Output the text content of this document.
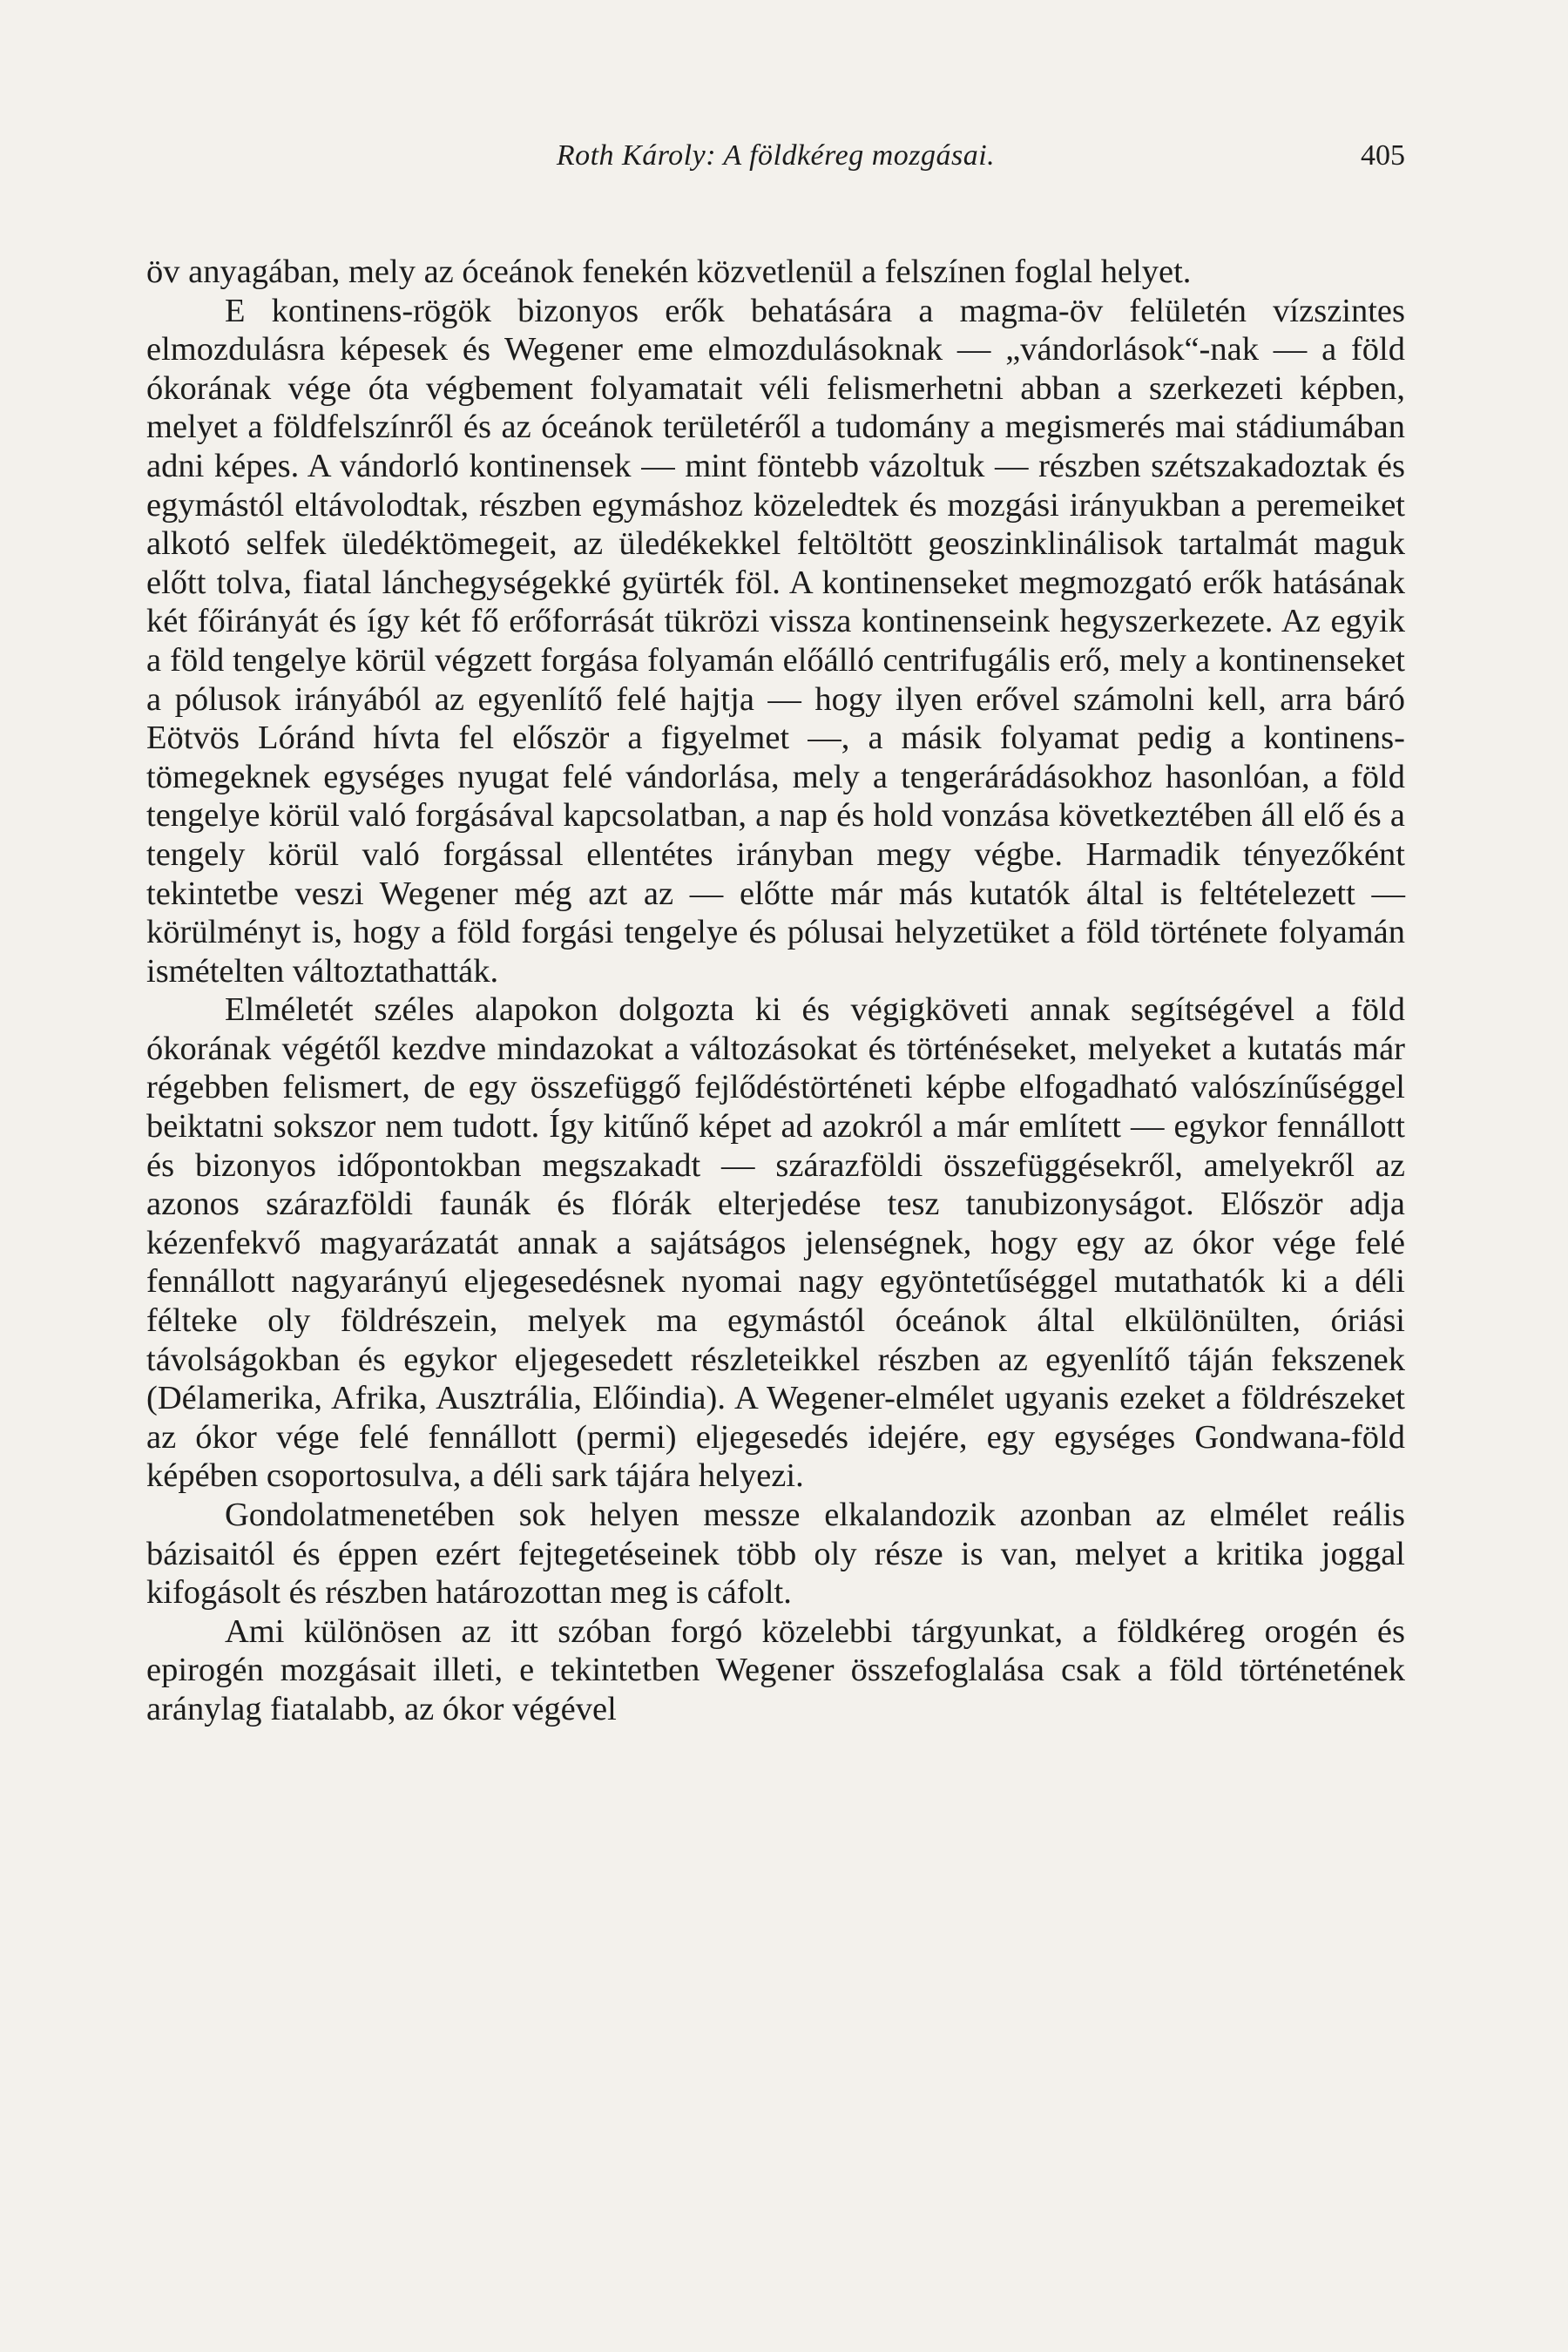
Roth Károly: A földkéreg mozgásai.	405

öv anyagában, mely az óceánok fenekén közvetlenül a felszínen foglal helyet.

E kontinens-rögök bizonyos erők behatására a magma-öv felületén vízszintes elmozdulásra képesek és Wegener eme elmozdulásoknak — „vándorlások“-nak — a föld ókorának vége óta végbement folyamatait véli felismerhetni abban a szerkezeti képben, melyet a földfelszínről és az óceánok területéről a tudomány a megismerés mai stádiumában adni képes. A vándorló kontinensek — mint föntebb vázoltuk — részben szétszakadoztak és egymástól eltávolodtak, részben egymáshoz közeledtek és mozgási irányukban a peremeiket alkotó selfek üledéktömegeit, az üledékekkel feltöltött geoszinklinálisok tartalmát maguk előtt tolva, fiatal lánchegységekké gyürték föl. A kontinenseket megmozgató erők hatásának két főirányát és így két fő erőforrását tükrözi vissza kontinenseink hegyszerkezete. Az egyik a föld tengelye körül végzett forgása folyamán előálló centrifugális erő, mely a kontinenseket a pólusok irányából az egyenlítő felé hajtja — hogy ilyen erővel számolni kell, arra báró Eötvös Lóránd hívta fel először a figyelmet —, a másik folyamat pedig a kontinens-tömegeknek egységes nyugat felé vándorlása, mely a tengerárádásokhoz hasonlóan, a föld tengelye körül való forgásával kapcsolatban, a nap és hold vonzása következtében áll elő és a tengely körül való forgással ellentétes irányban megy végbe. Harmadik tényezőként tekintetbe veszi Wegener még azt az — előtte már más kutatók által is feltételezett — körülményt is, hogy a föld forgási tengelye és pólusai helyzetüket a föld története folyamán ismételten változtathatták.

Elméletét széles alapokon dolgozta ki és végigköveti annak segítségével a föld ókorának végétől kezdve mindazokat a változásokat és történéseket, melyeket a kutatás már régebben felismert, de egy összefüggő fejlődéstörténeti képbe elfogadható valószínűséggel beiktatni sokszor nem tudott. Így kitűnő képet ad azokról a már említett — egykor fennállott és bizonyos időpontokban megszakadt — szárazföldi összefüggésekről, amelyekről az azonos szárazföldi faunák és flórák elterjedése tesz tanubizonyságot. Először adja kézenfekvő magyarázatát annak a sajátságos jelenségnek, hogy egy az ókor vége felé fennállott nagyarányú eljegesedésnek nyomai nagy egyöntetűséggel mutathatók ki a déli félteke oly földrészein, melyek ma egymástól óceánok által elkülönülten, óriási távolságokban és egykor eljegesedett részleteikkel részben az egyenlítő táján fekszenek (Délamerika, Afrika, Ausztrália, Előindia). A Wegener-elmélet ugyanis ezeket a földrészeket az ókor vége felé fennállott (permi) eljegesedés idejére, egy egységes Gondwana-föld képében csoportosulva, a déli sark tájára helyezi.

Gondolatmenetében sok helyen messze elkalandozik azonban az elmélet reális bázisaitól és éppen ezért fejtegetéseinek több oly része is van, melyet a kritika joggal kifogásolt és részben határozottan meg is cáfolt.

Ami különösen az itt szóban forgó közelebbi tárgyunkat, a földkéreg orogén és epirogén mozgásait illeti, e tekintetben Wegener összefoglalása csak a föld történetének aránylag fiatalabb, az ókor végével
